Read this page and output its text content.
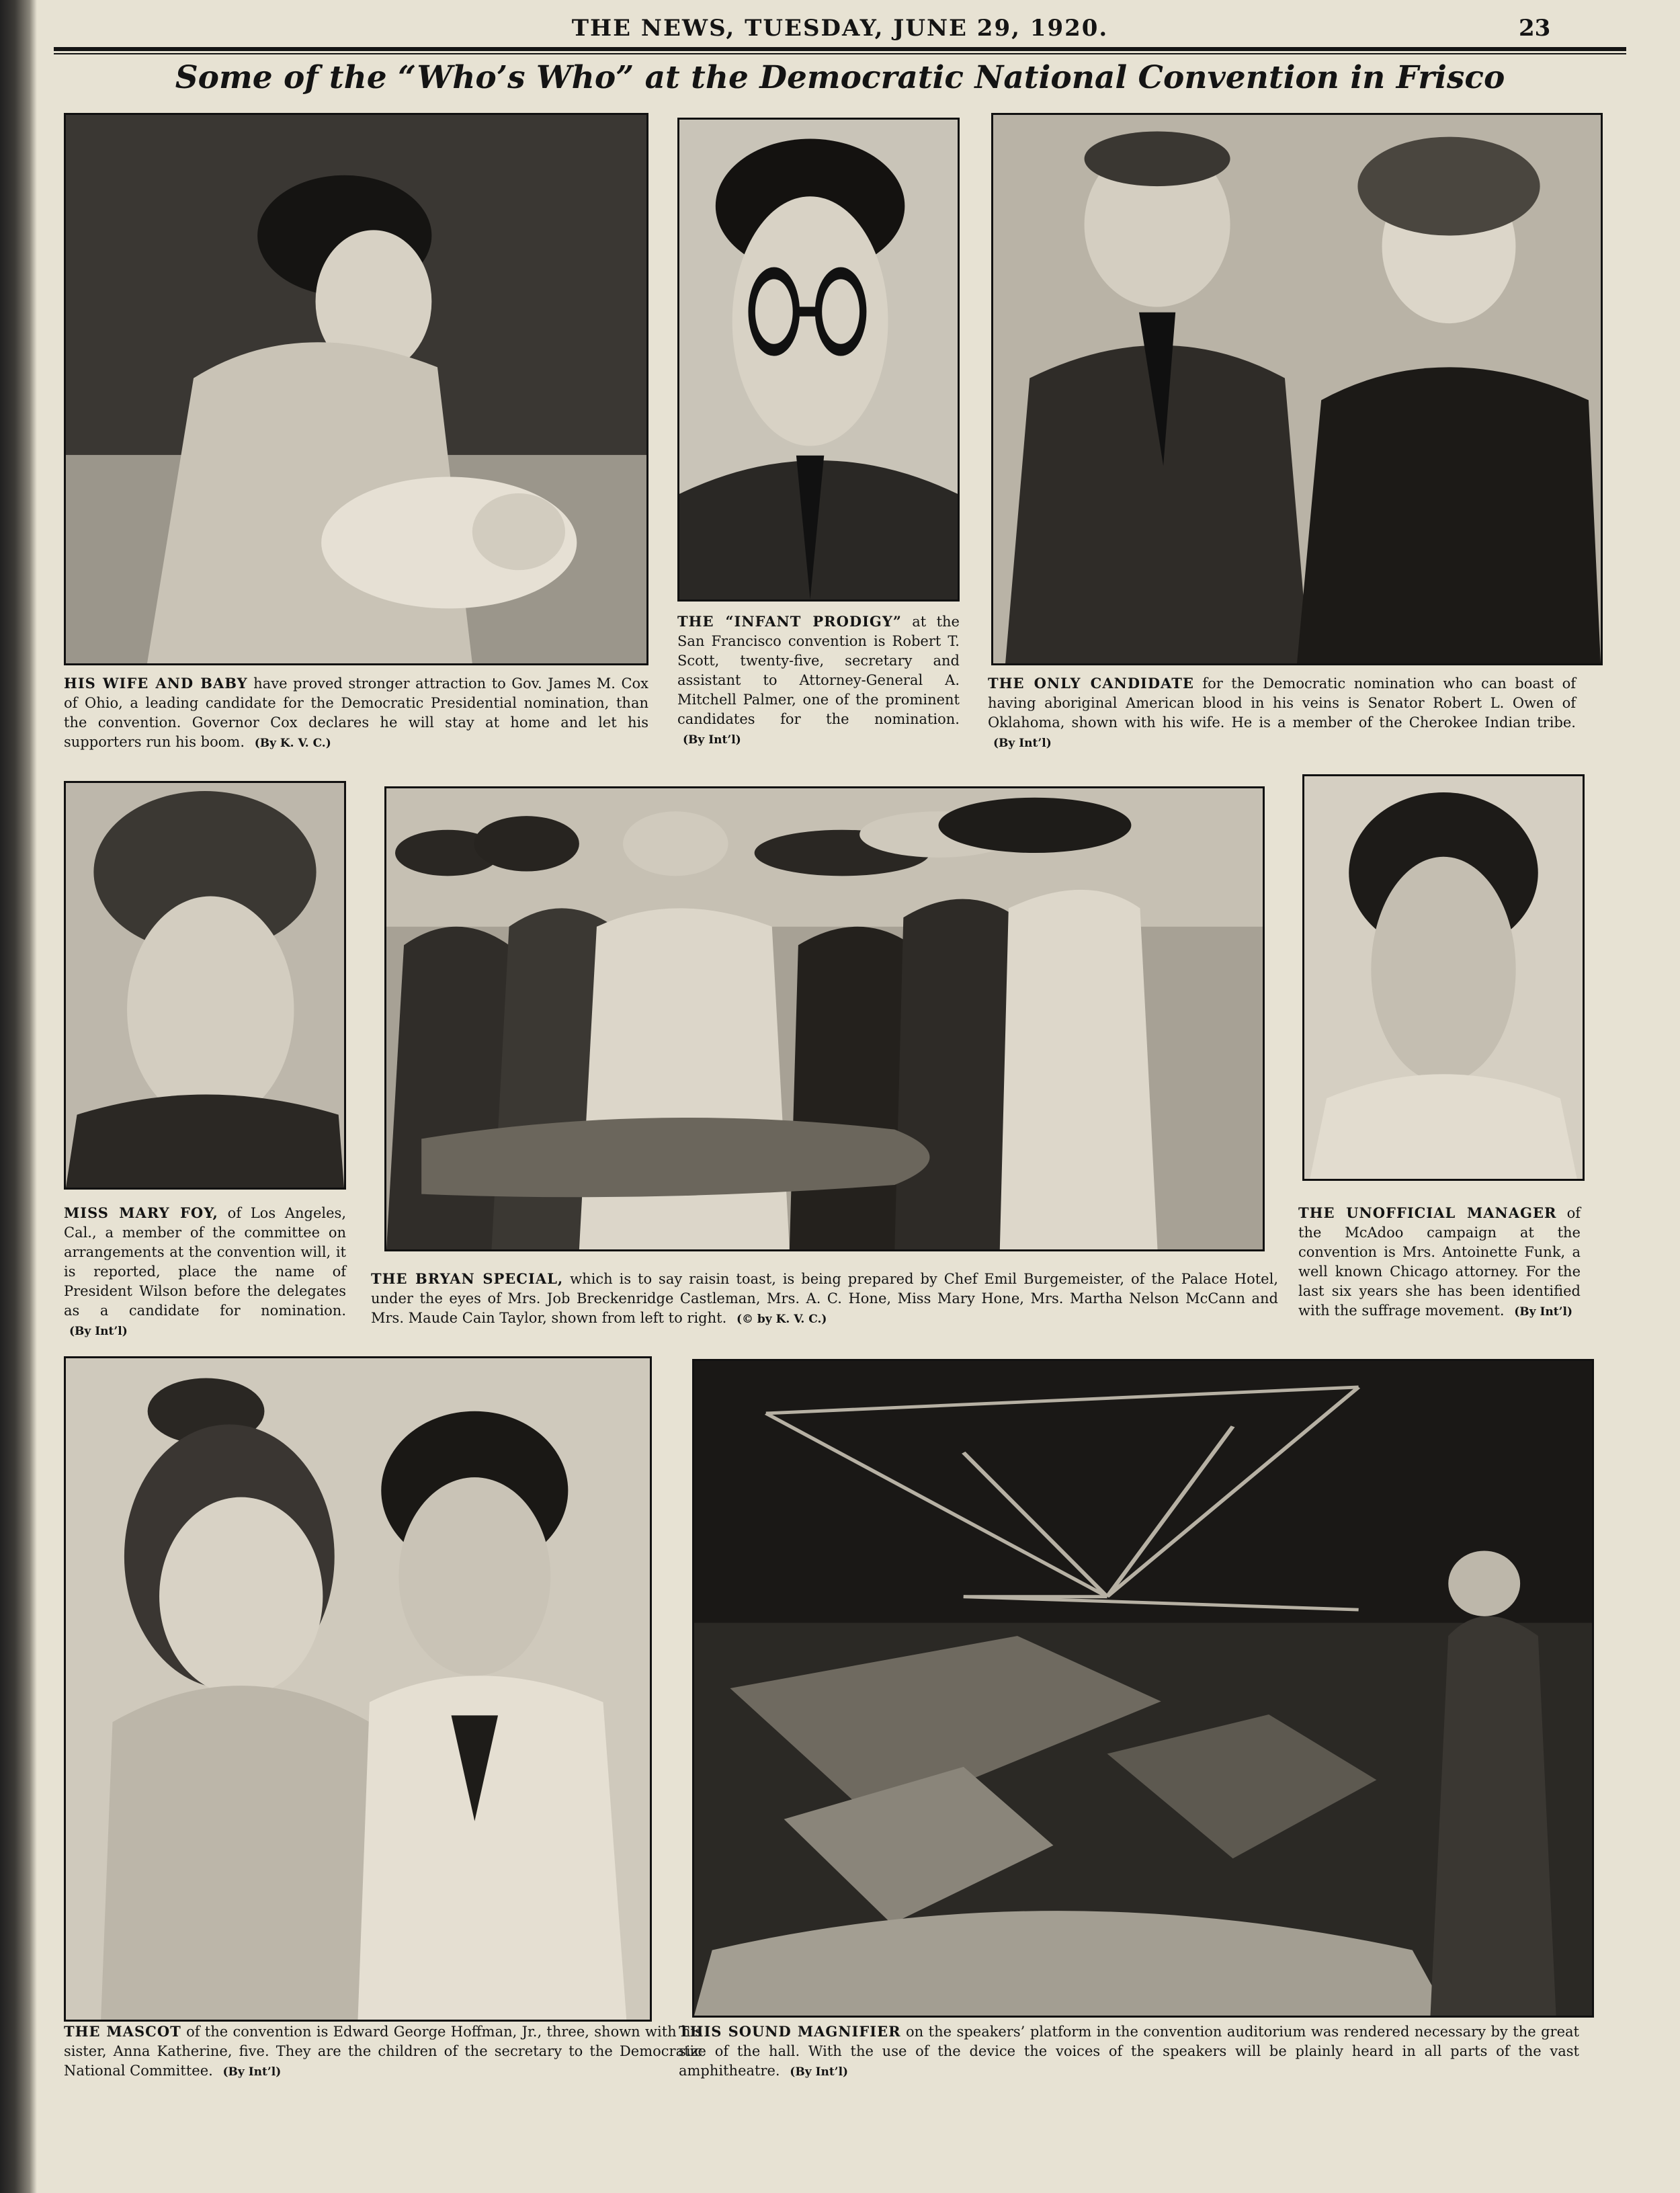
THE NEWS, TUESDAY, JUNE 29, 1920.	23
Some of the “Who’s Who” at the Democratic National Convention in Frisco
HIS WIFE AND BABY have proved stronger attraction to Gov. James M. Cox of Ohio, a leading candidate for the Democratic Presidential nomination, than the convention. Governor Cox declares he will stay at home and let his supporters run his boom. (By K. V. C.)
THE “INFANT PRODIGY” at the San Francisco convention is Robert T. Scott, twenty-five, secretary and assistant to Attorney-General A. Mitchell Palmer, one of the prominent candidates for the nomination. (By Int’l)
THE ONLY CANDIDATE for the Democratic nomination who can boast of having aboriginal American blood in his veins is Senator Robert L. Owen of Oklahoma, shown with his wife. He is a member of the Cherokee Indian tribe. (By Int’l)
MISS MARY FOY, of Los Angeles, Cal., a member of the committee on arrangements at the convention will, it is reported, place the name of President Wilson before the delegates as a candidate for nomination. (By Int’l)
THE BRYAN SPECIAL, which is to say raisin toast, is being prepared by Chef Emil Burgemeister, of the Palace Hotel, under the eyes of Mrs. Job Breckenridge Castleman, Mrs. A. C. Hone, Miss Mary Hone, Mrs. Martha Nelson McCann and Mrs. Maude Cain Taylor, shown from left to right. (© by K. V. C.)
THE UNOFFICIAL MANAGER of the McAdoo campaign at the convention is Mrs. Antoinette Funk, a well known Chicago attorney. For the last six years she has been identified with the suffrage movement. (By Int’l)
THE MASCOT of the convention is Edward George Hoffman, Jr., three, shown with his sister, Anna Katherine, five. They are the children of the secretary to the Democratic National Committee. (By Int’l)
THIS SOUND MAGNIFIER on the speakers’ platform in the convention auditorium was rendered necessary by the great size of the hall. With the use of the device the voices of the speakers will be plainly heard in all parts of the vast amphitheatre. (By Int’l)
